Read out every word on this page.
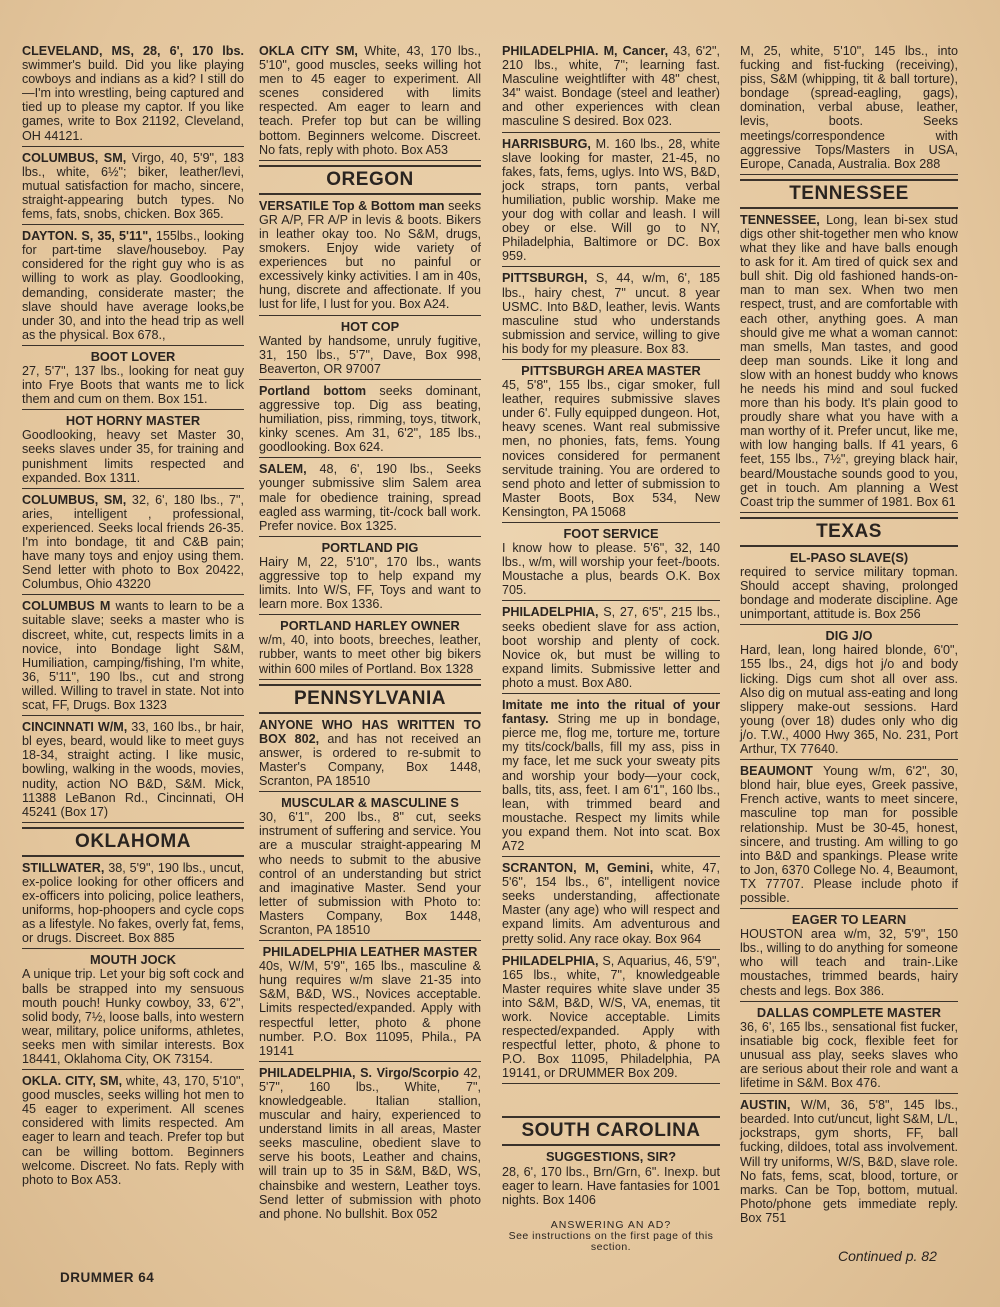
CLEVELAND, MS, 28, 6', 170 lbs. swimmer's build. Did you like playing cowboys and indians as a kid? I still do—I'm into wrestling, being captured and tied up to please my captor. If you like games, write to Box 21192, Cleveland, OH 44121.
COLUMBUS, SM, Virgo, 40, 5'9", 183 lbs., white, 6½"; biker, leather/levi, mutual satisfaction for macho, sincere, straight-appearing butch types. No fems, fats, snobs, chicken. Box 365.
DAYTON. S, 35, 5'11", 155lbs., looking for part-time slave/houseboy. Pay considered for the right guy who is as willing to work as play. Goodlooking, demanding, considerate master; the slave should have average looks,be under 30, and into the head trip as well as the physical. Box 678.,
BOOT LOVER
27, 5'7", 137 lbs., looking for neat guy into Frye Boots that wants me to lick them and cum on them. Box 151.
HOT HORNY MASTER
Goodlooking, heavy set Master 30, seeks slaves under 35, for training and punishment limits respected and expanded. Box 1311.
COLUMBUS, SM, 32, 6', 180 lbs., 7", aries, intelligent , professional, experienced. Seeks local friends 26-35. I'm into bondage, tit and C&B pain; have many toys and enjoy using them. Send letter with photo to Box 20422, Columbus, Ohio 43220
COLUMBUS M wants to learn to be a suitable slave; seeks a master who is discreet, white, cut, respects limits in a novice, into Bondage light S&M, Humiliation, camping/fishing, I'm white, 36, 5'11", 190 lbs., cut and strong willed. Willing to travel in state. Not into scat, FF, Drugs. Box 1323
CINCINNATI W/M, 33, 160 lbs., br hair, bl eyes, beard, would like to meet guys 18-34, straight acting. I like music, bowling, walking in the woods, movies, nudity, action NO B&D, S&M. Mick, 11388 LeBanon Rd., Cincinnati, OH 45241 (Box 17)
OKLAHOMA
STILLWATER, 38, 5'9", 190 lbs., uncut, ex-police looking for other officers and ex-officers into policing, police leathers, uniforms, hop-phoopers and cycle cops as a lifestyle. No fakes, overly fat, fems, or drugs. Discreet. Box 885
MOUTH JOCK
A unique trip. Let your big soft cock and balls be strapped into my sensuous mouth pouch! Hunky cowboy, 33, 6'2", solid body, 7½, loose balls, into western wear, military, police uniforms, athletes, seeks men with similar interests. Box 18441, Oklahoma City, OK 73154.
OKLA. CITY, SM, white, 43, 170, 5'10", good muscles, seeks willing hot men to 45 eager to experiment. All scenes considered with limits respected. Am eager to learn and teach. Prefer top but can be willing bottom. Beginners welcome. Discreet. No fats. Reply with photo to Box A53.
OKLA CITY SM, White, 43, 170 lbs., 5'10", good muscles, seeks willing hot men to 45 eager to experiment. All scenes considered with limits respected. Am eager to learn and teach. Prefer top but can be willing bottom. Beginners welcome. Discreet. No fats, reply with photo. Box A53
OREGON
VERSATILE Top & Bottom man seeks GR A/P, FR A/P in levis & boots. Bikers in leather okay too. No S&M, drugs, smokers. Enjoy wide variety of experiences but no painful or excessively kinky activities. I am in 40s, hung, discrete and affectionate. If you lust for life, I lust for you. Box A24.
HOT COP
Wanted by handsome, unruly fugitive, 31, 150 lbs., 5'7", Dave, Box 998, Beaverton, OR 97007
Portland bottom seeks dominant, aggressive top. Dig ass beating, humiliation, piss, rimming, toys, titwork, kinky scenes. Am 31, 6'2", 185 lbs., goodlooking. Box 624.
SALEM, 48, 6', 190 lbs., Seeks younger submissive slim Salem area male for obedience training, spread eagled ass warming, tit-/cock ball work. Prefer novice. Box 1325.
PORTLAND PIG
Hairy M, 22, 5'10", 170 lbs., wants aggressive top to help expand my limits. Into W/S, FF, Toys and want to learn more. Box 1336.
PORTLAND HARLEY OWNER
w/m, 40, into boots, breeches, leather, rubber, wants to meet other big bikers within 600 miles of Portland. Box 1328
PENNSYLVANIA
ANYONE WHO HAS WRITTEN TO BOX 802, and has not received an answer, is ordered to re-submit to Master's Company, Box 1448, Scranton, PA 18510
MUSCULAR & MASCULINE S
30, 6'1", 200 lbs., 8" cut, seeks instrument of suffering and service. You are a muscular straight-appearing M who needs to submit to the abusive control of an understanding but strict and imaginative Master. Send your letter of submission with Photo to: Masters Company, Box 1448, Scranton, PA 18510
PHILADELPHIA LEATHER MASTER
40s, W/M, 5'9", 165 lbs., masculine & hung requires w/m slave 21-35 into S&M, B&D, WS., Novices acceptable. Limits respected/expanded. Apply with respectful letter, photo & phone number. P.O. Box 11095, Phila., PA 19141
PHILADELPHIA, S. Virgo/Scorpio 42, 5'7", 160 lbs., White, 7", knowledgeable. Italian stallion, muscular and hairy, experienced to understand limits in all areas, Master seeks masculine, obedient slave to serve his boots, Leather and chains, will train up to 35 in S&M, B&D, WS, chainsbike and western, Leather toys. Send letter of submission with photo and phone. No bullshit. Box 052
PHILADELPHIA. M, Cancer, 43, 6'2", 210 lbs., white, 7"; learning fast. Masculine weightlifter with 48" chest, 34" waist. Bondage (steel and leather) and other experiences with clean masculine S desired. Box 023.
HARRISBURG, M. 160 lbs., 28, white slave looking for master, 21-45, no fakes, fats, fems, uglys. Into WS, B&D, jock straps, torn pants, verbal humiliation, public worship. Make me your dog with collar and leash. I will obey or else. Will go to NY, Philadelphia, Baltimore or DC. Box 959.
PITTSBURGH, S, 44, w/m, 6', 185 lbs., hairy chest, 7" uncut. 8 year USMC. Into B&D, leather, levis. Wants masculine stud who understands submission and service, willing to give his body for my pleasure. Box 83.
PITTSBURGH AREA MASTER
45, 5'8", 155 lbs., cigar smoker, full leather, requires submissive slaves under 6'. Fully equipped dungeon. Hot, heavy scenes. Want real submissive men, no phonies, fats, fems. Young novices considered for permanent servitude training. You are ordered to send photo and letter of submission to Master Boots, Box 534, New Kensington, PA 15068
FOOT SERVICE
I know how to please. 5'6", 32, 140 lbs., w/m, will worship your feet-/boots. Moustache a plus, beards O.K. Box 705.
PHILADELPHIA, S, 27, 6'5", 215 lbs., seeks obedient slave for ass action, boot worship and plenty of cock. Novice ok, but must be willing to expand limits. Submissive letter and photo a must. Box A80.
Imitate me into the ritual of your fantasy. String me up in bondage, pierce me, flog me, torture me, torture my tits/cock/balls, fill my ass, piss in my face, let me suck your sweaty pits and worship your body—your cock, balls, tits, ass, feet. I am 6'1", 160 lbs., lean, with trimmed beard and moustache. Respect my limits while you expand them. Not into scat. Box A72
SCRANTON, M, Gemini, white, 47, 5'6", 154 lbs., 6", intelligent novice seeks understanding, affectionate Master (any age) who will respect and expand limits. Am adventurous and pretty solid. Any race okay. Box 964
PHILADELPHIA, S, Aquarius, 46, 5'9", 165 lbs., white, 7", knowledgeable Master requires white slave under 35 into S&M, B&D, W/S, VA, enemas, tit work. Novice acceptable. Limits respected/expanded. Apply with respectful letter, photo, & phone to P.O. Box 11095, Philadelphia, PA 19141, or DRUMMER Box 209.
SOUTH CAROLINA
SUGGESTIONS, SIR?
28, 6', 170 lbs., Brn/Grn, 6". Inexp. but eager to learn. Have fantasies for 1001 nights. Box 1406
ANSWERING AN AD?
See instructions on the first page of this section.
M, 25, white, 5'10", 145 lbs., into fucking and fist-fucking (receiving), piss, S&M (whipping, tit & ball torture), bondage (spread-eagling, gags), domination, verbal abuse, leather, levis, boots. Seeks meetings/correspondence with aggressive Tops/Masters in USA, Europe, Canada, Australia. Box 288
TENNESSEE
TENNESSEE, Long, lean bi-sex stud digs other shit-together men who know what they like and have balls enough to ask for it. Am tired of quick sex and bull shit. Dig old fashioned hands-on-man to man sex. When two men respect, trust, and are comfortable with each other, anything goes. A man should give me what a woman cannot: man smells, Man tastes, and good deep man sounds. Like it long and slow with an honest buddy who knows he needs his mind and soul fucked more than his body. It's plain good to proudly share what you have with a man worthy of it. Prefer uncut, like me, with low hanging balls. If 41 years, 6 feet, 155 lbs., 7½", greying black hair, beard/Moustache sounds good to you, get in touch. Am planning a West Coast trip the summer of 1981. Box 61
TEXAS
EL-PASO SLAVE(S)
required to service military topman. Should accept shaving, prolonged bondage and moderate discipline. Age unimportant, attitude is. Box 256
DIG J/O
Hard, lean, long haired blonde, 6'0", 155 lbs., 24, digs hot j/o and body licking. Digs cum shot all over ass. Also dig on mutual ass-eating and long slippery make-out sessions. Hard young (over 18) dudes only who dig j/o. T.W., 4000 Hwy 365, No. 231, Port Arthur, TX 77640.
BEAUMONT Young w/m, 6'2", 30, blond hair, blue eyes, Greek passive, French active, wants to meet sincere, masculine top man for possible relationship. Must be 30-45, honest, sincere, and trusting. Am willing to go into B&D and spankings. Please write to Jon, 6370 College No. 4, Beaumont, TX 77707. Please include photo if possible.
EAGER TO LEARN
HOUSTON area w/m, 32, 5'9", 150 lbs., willing to do anything for someone who will teach and train-.Like moustaches, trimmed beards, hairy chests and legs. Box 386.
DALLAS COMPLETE MASTER
36, 6', 165 lbs., sensational fist fucker, insatiable big cock, flexible feet for unusual ass play, seeks slaves who are serious about their role and want a lifetime in S&M. Box 476.
AUSTIN, W/M, 36, 5'8", 145 lbs., bearded. Into cut/uncut, light S&M, L/L, jockstraps, gym shorts, FF, ball fucking, dildoes, total ass involvement. Will try uniforms, W/S, B&D, slave role. No fats, fems, scat, blood, torture, or marks. Can be Top, bottom, mutual. Photo/phone gets immediate reply. Box 751
DRUMMER 64
Continued p. 82
